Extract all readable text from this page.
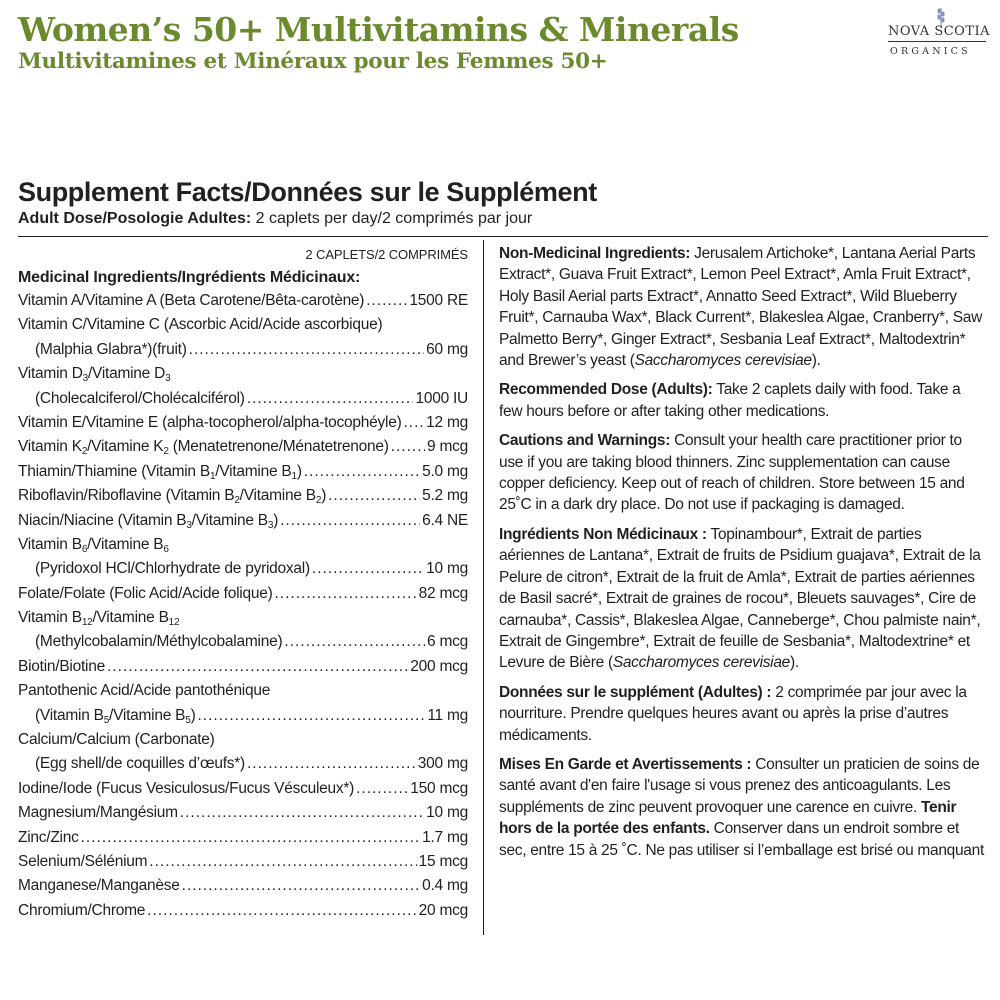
Women’s 50+ Multivitamins & Minerals
Multivitamines et Minéraux pour les Femmes 50+
NOVA SCOTIA
ORGANICS
Supplement Facts/Données sur le Supplément
Adult Dose/Posologie Adultes: 2 caplets per day/2 comprimés par jour
2 CAPLETS/2 COMPRIMÉS
Medicinal Ingredients/Ingrédients Médicinaux:
Vitamin A/Vitamine A (Beta Carotene/Bêta-carotène) .....	1500 RE
Vitamin C/Vitamine C (Ascorbic Acid/Acide ascorbique)
(Malphia Glabra*)(fruit) .....	60 mg
Vitamin $D_3$/Vitamine $D_3$
(Cholecalciferol/Cholécalciférol) .....	1000 IU
Vitamin E/Vitamine E (alpha-tocopherol/alpha-tocophéyle) ..... 12 mg
Vitamin $K_2$/Vitamine $K_2$ (Menatetrenone/Ménatetrenone) ..... 9 mcg
Thiamin/Thiamine (Vitamin $B_1$/Vitamine $B_1$) .....	5.0 mg
Riboflavin/Riboflavine (Vitamin $B_2$/Vitamine $B_2$) .....	5.2 mg
Niacin/Niacine (Vitamin $B_3$/Vitamine $B_3$) .....	6.4 NE
Vitamin $B_6$/Vitamine $B_6$
(Pyridoxol HCl/Chlorhydrate de pyridoxal) .....	10 mg
Folate/Folate (Folic Acid/Acide folique) .....	82 mcg
Vitamin $B_{12}$/Vitamine $B_{12}$
(Methylcobalamin/Méthylcobalamine) .....	6 mcg
Biotin/Biotine .....	200 mcg
Pantothenic Acid/Acide pantothénique
(Vitamin $B_5$/Vitamine $B_5$) .....	11 mg
Calcium/Calcium (Carbonate)
(Egg shell/de coquilles d’œufs*) .....	300 mg
Iodine/Iode (Fucus Vesiculosus/Fucus Vésculeux*) .....	150 mcg
Magnesium/Mangésium .....	10 mg
Zinc/Zinc .....	1.7 mg
Selenium/Sélénium .....	15 mcg
Manganese/Manganèse .....	0.4 mg
Chromium/Chrome .....	20 mcg

Non-Medicinal Ingredients: Jerusalem Artichoke*, Lantana Aerial Parts Extract*, Guava Fruit Extract*, Lemon Peel Extract*, Amla Fruit Extract*, Holy Basil Aerial parts Extract*, Annatto Seed Extract*, Wild Blueberry Fruit*, Carnauba Wax*, Black Current*, Blakeslea Algae, Cranberry*, Saw Palmetto Berry*, Ginger Extract*, Sesbania Leaf Extract*, Maltodextrin* and Brewer’s yeast (Saccharomyces cerevisiae).

Recommended Dose (Adults): Take 2 caplets daily with food. Take a few hours before or after taking other medications.

Cautions and Warnings: Consult your health care practitioner prior to use if you are taking blood thinners. Zinc supplementation can cause copper deficiency. Keep out of reach of children. Store between 15 and 25˚C in a dark dry place. Do not use if packaging is damaged.

Ingrédients Non Médicinaux : Topinambour*, Extrait de parties aériennes de Lantana*, Extrait de fruits de Psidium guajava*, Extrait de la Pelure de citron*, Extrait de la fruit de Amla*, Extrait de parties aériennes de Basil sacré*, Extrait de graines de rocou*, Bleuets sauvages*, Cire de carnauba*, Cassis*, Blakeslea Algae, Canneberge*, Chou palmiste nain*, Extrait de Gingembre*, Extrait de feuille de Sesbania*, Maltodextrine* et Levure de Bière (Saccharomyces cerevisiae).

Données sur le supplément (Adultes) : 2 comprimée par jour avec la nourriture. Prendre quelques heures avant ou après la prise d’autres médicaments.

Mises En Garde et Avertissements : Consulter un praticien de soins de santé avant d'en faire l'usage si vous prenez des anticoagulants. Les suppléments de zinc peuvent provoquer une carence en cuivre. Tenir hors de la portée des enfants. Conserver dans un endroit sombre et sec, entre 15 à 25 ˚C. Ne pas utiliser si l’emballage est brisé ou manquant
